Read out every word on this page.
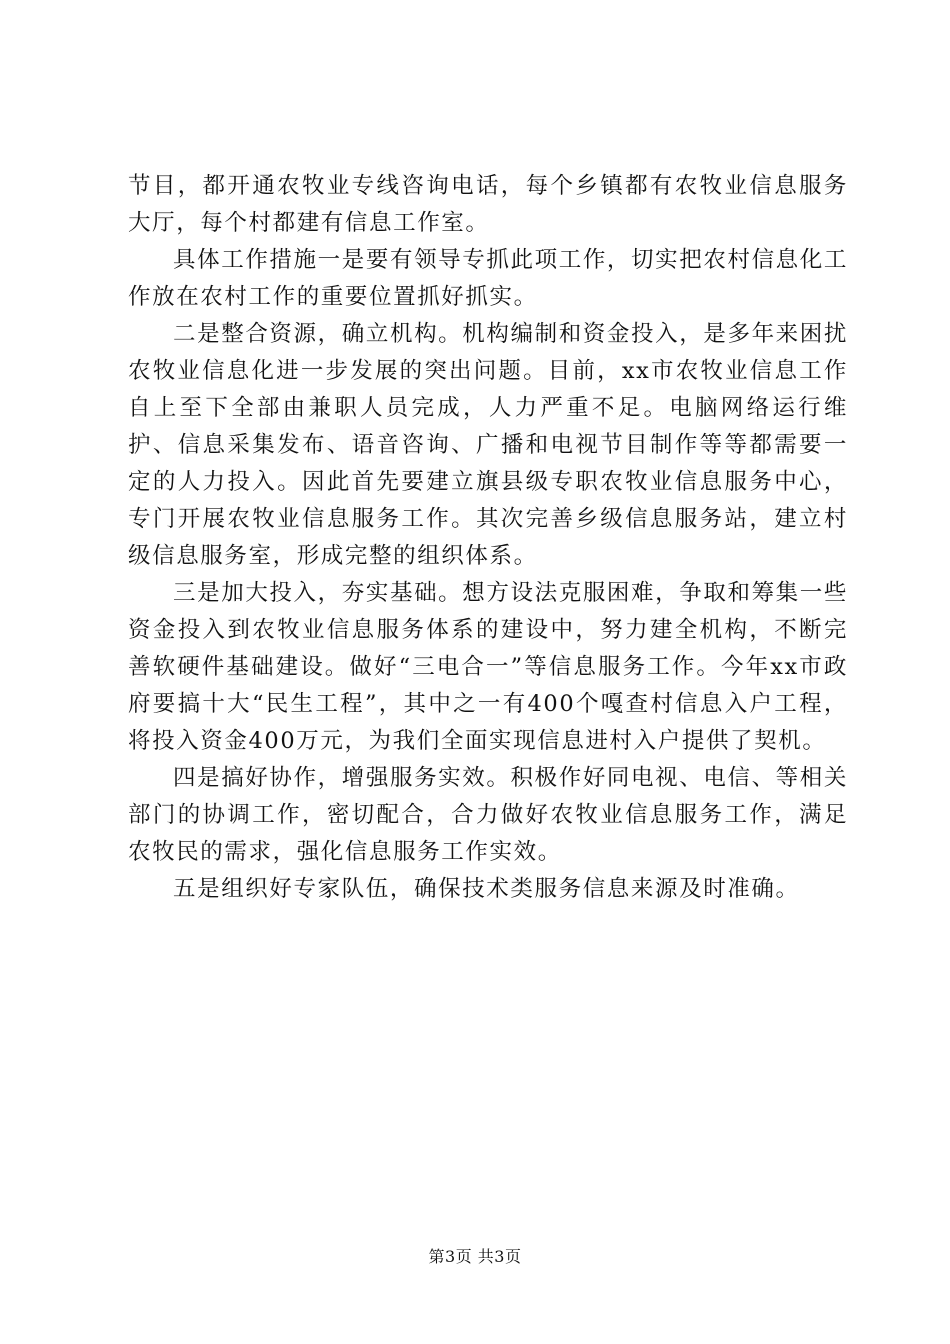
节目，都开通农牧业专线咨询电话，每个乡镇都有农牧业信息服务大厅，每个村都建有信息工作室。

具体工作措施一是要有领导专抓此项工作，切实把农村信息化工作放在农村工作的重要位置抓好抓实。

二是整合资源，确立机构。机构编制和资金投入，是多年来困扰农牧业信息化进一步发展的突出问题。目前，xx市农牧业信息工作自上至下全部由兼职人员完成，人力严重不足。电脑网络运行维护、信息采集发布、语音咨询、广播和电视节目制作等等都需要一定的人力投入。因此首先要建立旗县级专职农牧业信息服务中心，专门开展农牧业信息服务工作。其次完善乡级信息服务站，建立村级信息服务室，形成完整的组织体系。

三是加大投入，夯实基础。想方设法克服困难，争取和筹集一些资金投入到农牧业信息服务体系的建设中，努力建全机构，不断完善软硬件基础建设。做好“三电合一”等信息服务工作。今年xx市政府要搞十大“民生工程”，其中之一有400个嘎查村信息入户工程，将投入资金400万元，为我们全面实现信息进村入户提供了契机。

四是搞好协作，增强服务实效。积极作好同电视、电信、等相关部门的协调工作，密切配合，合力做好农牧业信息服务工作，满足农牧民的需求，强化信息服务工作实效。

五是组织好专家队伍，确保技术类服务信息来源及时准确。

第3页 共3页
